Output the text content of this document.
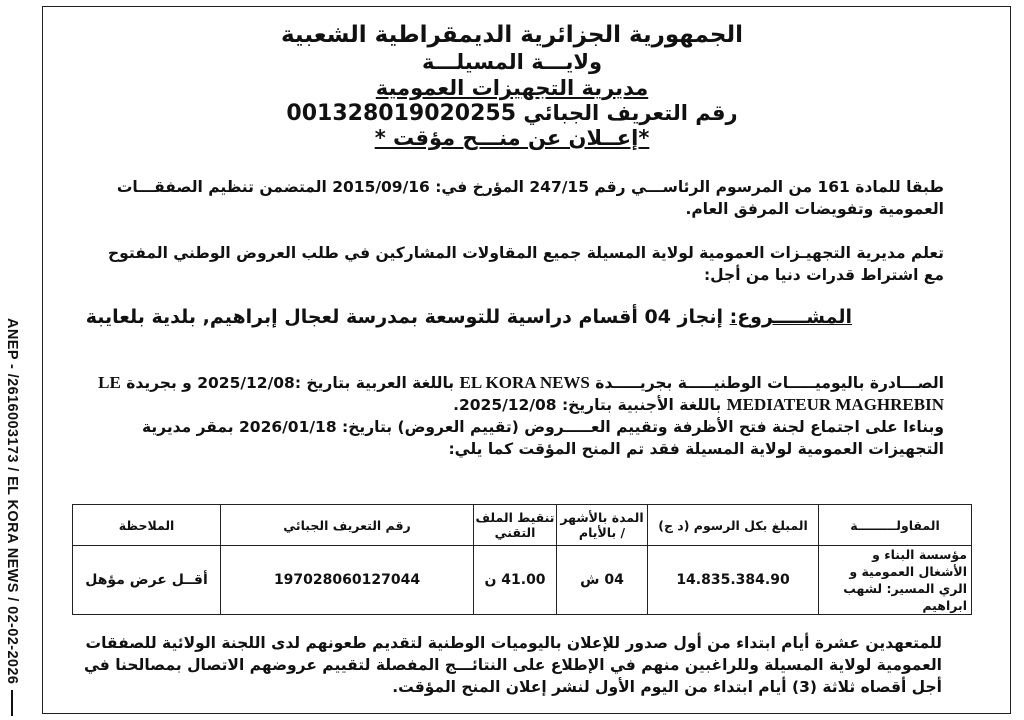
ANEP - /2616003173 / EL KORA NEWS / 02-02-2026
الجمهورية الجزائرية الديمقراطية الشعبية
ولايـــة المسيلـــة
مديرية التجهيزات العمومية
رقم التعريف الجبائي 001328019020255
*إعــلان عن منـــح مؤقت *
طبقا للمادة 161 من المرسوم الرئاســـي رقم 247/15 المؤرخ في: 2015/09/16 المتضمن تنظيم الصفقـــات العمومية وتفويضات المرفق العام.
تعلم مديرية التجهيـزات العمومية لولاية المسيلة جميع المقاولات المشاركين في طلب العروض الوطني المفتوح مع اشتراط قدرات دنيا من أجل:
المشـــــروع: إنجاز 04 أقسام دراسية للتوسعة بمدرسة لعجال إبراهيم, بلدية بلعايبة
الصـــادرة باليوميـــــات الوطنيـــــة بجريـــــدة EL KORA NEWS باللغة العربية بتاريخ :2025/12/08 و بجريدة LE MEDIATEUR MAGHREBIN باللغة الأجنبية بتاريخ: 2025/12/08.
وبناءا على اجتماع لجنة فتح الأظرفة وتقييم العـــــروض (تقييم العروض) بتاريخ: 2026/01/18 بمقر مديرية التجهيزات العمومية لولاية المسيلة فقد تم المنح المؤقت كما يلي:
المقاولـــــــــة	المبلغ بكل الرسوم (د ج)	المدة بالأشهر / بالأيام	تنقيط الملف التقني	رقم التعريف الجبائي	الملاحظة
مؤسسة البناء و الأشغال العمومية و الري المسير: لشهب ابراهيم	14.835.384.90	04 ش	41.00 ن	197028060127044	أقــل عرض مؤهل
للمتعهدين عشرة أيام ابتداء من أول صدور للإعلان باليوميات الوطنية لتقديم طعونهم لدى اللجنة الولائية للصفقات العمومية لولاية المسيلة وللراغبين منهم في الإطلاع على النتائـــج المفصلة لتقييم عروضهم الاتصال بمصالحنا في أجل أقصاه ثلاثة (3) أيام ابتداء من اليوم الأول لنشر إعلان المنح المؤقت.
